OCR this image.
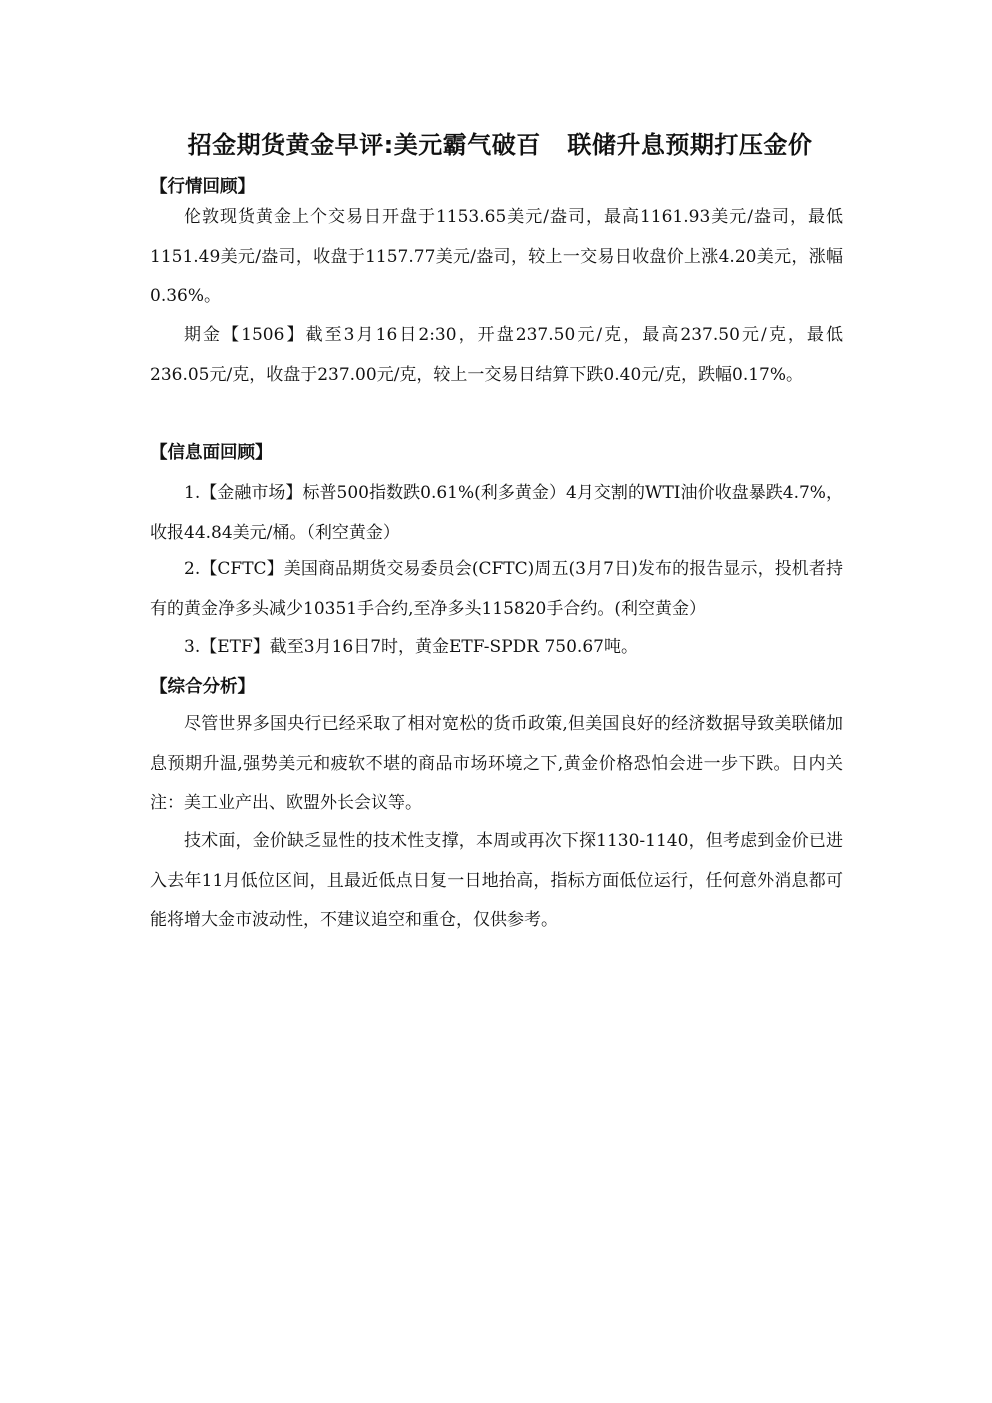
招金期货黄金早评:美元霸气破百   联储升息预期打压金价
【行情回顾】

伦敦现货黄金上个交易日开盘于1153.65美元/盎司，最高1161.93美元/盎司，最低1151.49美元/盎司，收盘于1157.77美元/盎司，较上一交易日收盘价上涨4.20美元，涨幅0.36%。

期金【1506】截至3月16日2:30，开盘237.50元/克，最高237.50元/克，最低236.05元/克，收盘于237.00元/克，较上一交易日结算下跌0.40元/克，跌幅0.17%。

【信息面回顾】

1.【金融市场】标普500指数跌0.61%(利多黄金）4月交割的WTI油价收盘暴跌4.7%，收报44.84美元/桶。（利空黄金）

2.【CFTC】美国商品期货交易委员会(CFTC)周五(3月7日)发布的报告显示，投机者持有的黄金净多头减少10351手合约,至净多头115820手合约。(利空黄金）

3.【ETF】截至3月16日7时，黄金ETF-SPDR 750.67吨。

【综合分析】

尽管世界多国央行已经采取了相对宽松的货币政策,但美国良好的经济数据导致美联储加息预期升温,强势美元和疲软不堪的商品市场环境之下,黄金价格恐怕会进一步下跌。日内关注：美工业产出、欧盟外长会议等。

技术面，金价缺乏显性的技术性支撑，本周或再次下探1130-1140，但考虑到金价已进入去年11月低位区间，且最近低点日复一日地抬高，指标方面低位运行，任何意外消息都可能将增大金市波动性，不建议追空和重仓，仅供参考。
